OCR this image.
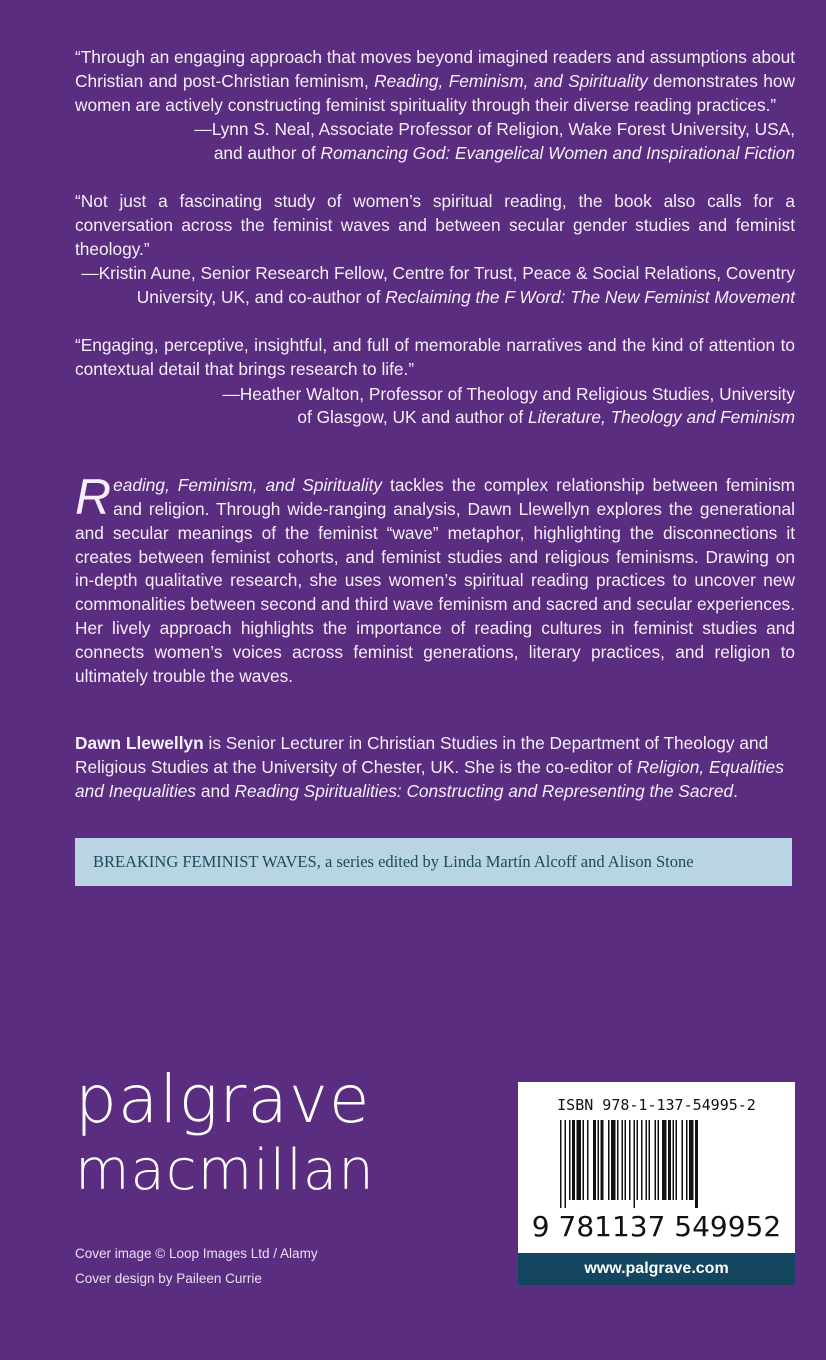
“Through an engaging approach that moves beyond imagined readers and assumptions about Christian and post-Christian feminism, Reading, Feminism, and Spirituality demonstrates how women are actively constructing feminist spirituality through their diverse reading practices.”
—Lynn S. Neal, Associate Professor of Religion, Wake Forest University, USA,
and author of Romancing God: Evangelical Women and Inspirational Fiction
“Not just a fascinating study of women’s spiritual reading, the book also calls for a conversation across the feminist waves and between secular gender studies and feminist theology.”
—Kristin Aune, Senior Research Fellow, Centre for Trust, Peace & Social Relations, Coventry
University, UK, and co-author of Reclaiming the F Word: The New Feminist Movement
“Engaging, perceptive, insightful, and full of memorable narratives and the kind of attention to contextual detail that brings research to life.”
—Heather Walton, Professor of Theology and Religious Studies, University
of Glasgow, UK and author of Literature, Theology and Feminism
Reading, Feminism, and Spirituality tackles the complex relationship between feminism and religion. Through wide-ranging analysis, Dawn Llewellyn explores the generational and secular meanings of the feminist “wave” metaphor, highlighting the disconnections it creates between feminist cohorts, and feminist studies and religious feminisms. Drawing on in-depth qualitative research, she uses women’s spiritual reading practices to uncover new commonalities between second and third wave feminism and sacred and secular experiences. Her lively approach highlights the importance of reading cultures in feminist studies and connects women’s voices across feminist generations, literary practices, and religion to ultimately trouble the waves.
Dawn Llewellyn is Senior Lecturer in Christian Studies in the Department of Theology and Religious Studies at the University of Chester, UK. She is the co-editor of Religion, Equalities and Inequalities and Reading Spiritualities: Constructing and Representing the Sacred.
BREAKING FEMINIST WAVES, a series edited by Linda Martín Alcoff and Alison Stone
palgrave
macmillan
Cover image © Loop Images Ltd / Alamy
Cover design by Paileen Currie
ISBN 978-1-137-54995-2
9 781137 549952
www.palgrave.com
